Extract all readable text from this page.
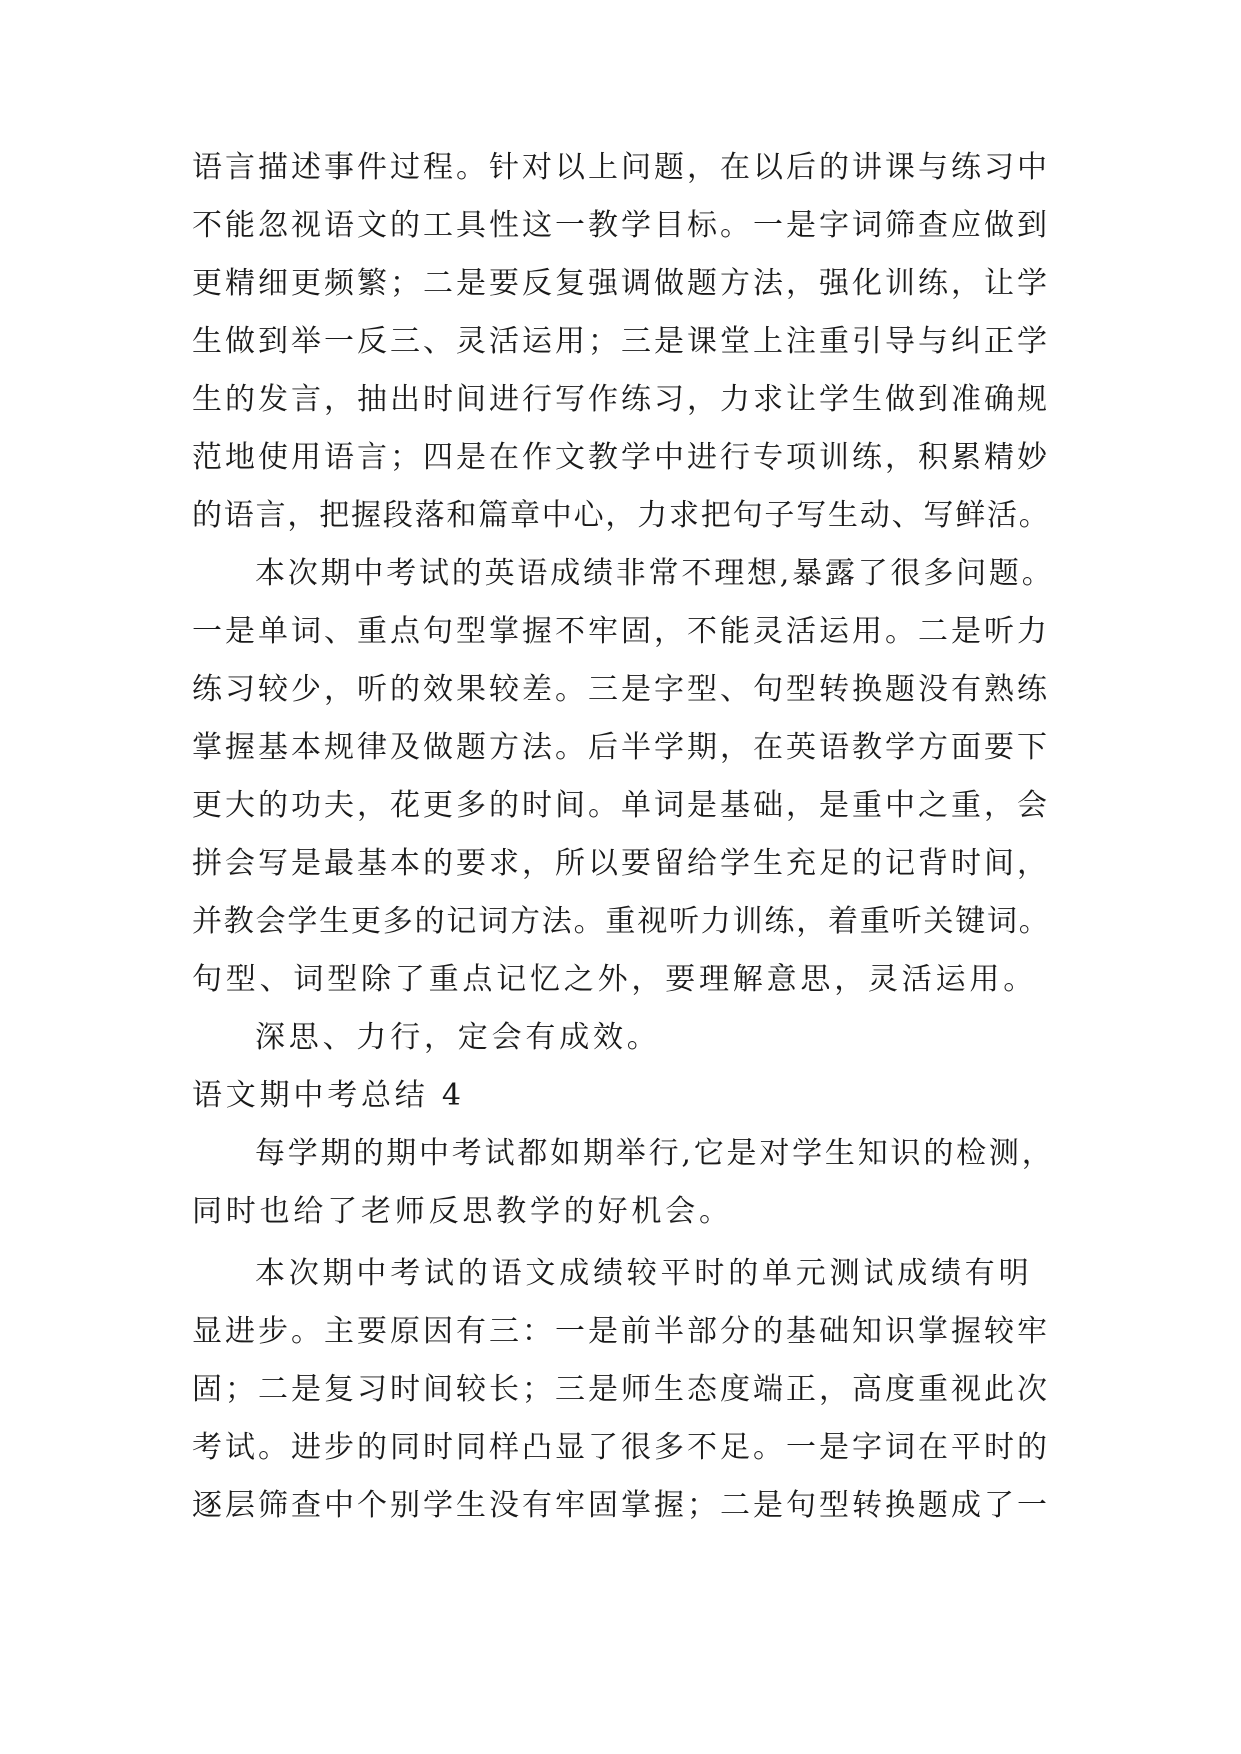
语言描述事件过程。针对以上问题，在以后的讲课与练习中
不能忽视语文的工具性这一教学目标。一是字词筛查应做到
更精细更频繁；二是要反复强调做题方法，强化训练，让学
生做到举一反三、灵活运用；三是课堂上注重引导与纠正学
生的发言，抽出时间进行写作练习，力求让学生做到准确规
范地使用语言；四是在作文教学中进行专项训练，积累精妙
的语言，把握段落和篇章中心，力求把句子写生动、写鲜活。
本次期中考试的英语成绩非常不理想,暴露了很多问题。
一是单词、重点句型掌握不牢固，不能灵活运用。二是听力
练习较少，听的效果较差。三是字型、句型转换题没有熟练
掌握基本规律及做题方法。后半学期，在英语教学方面要下
更大的功夫，花更多的时间。单词是基础，是重中之重，会
拼会写是最基本的要求，所以要留给学生充足的记背时间，
并教会学生更多的记词方法。重视听力训练，着重听关键词。
句型、词型除了重点记忆之外，要理解意思，灵活运用。
深思、力行，定会有成效。
语文期中考总结 4
每学期的期中考试都如期举行,它是对学生知识的检测，
同时也给了老师反思教学的好机会。
本次期中考试的语文成绩较平时的单元测试成绩有明
显进步。主要原因有三：一是前半部分的基础知识掌握较牢
固；二是复习时间较长；三是师生态度端正，高度重视此次
考试。进步的同时同样凸显了很多不足。一是字词在平时的
逐层筛查中个别学生没有牢固掌握；二是句型转换题成了一
